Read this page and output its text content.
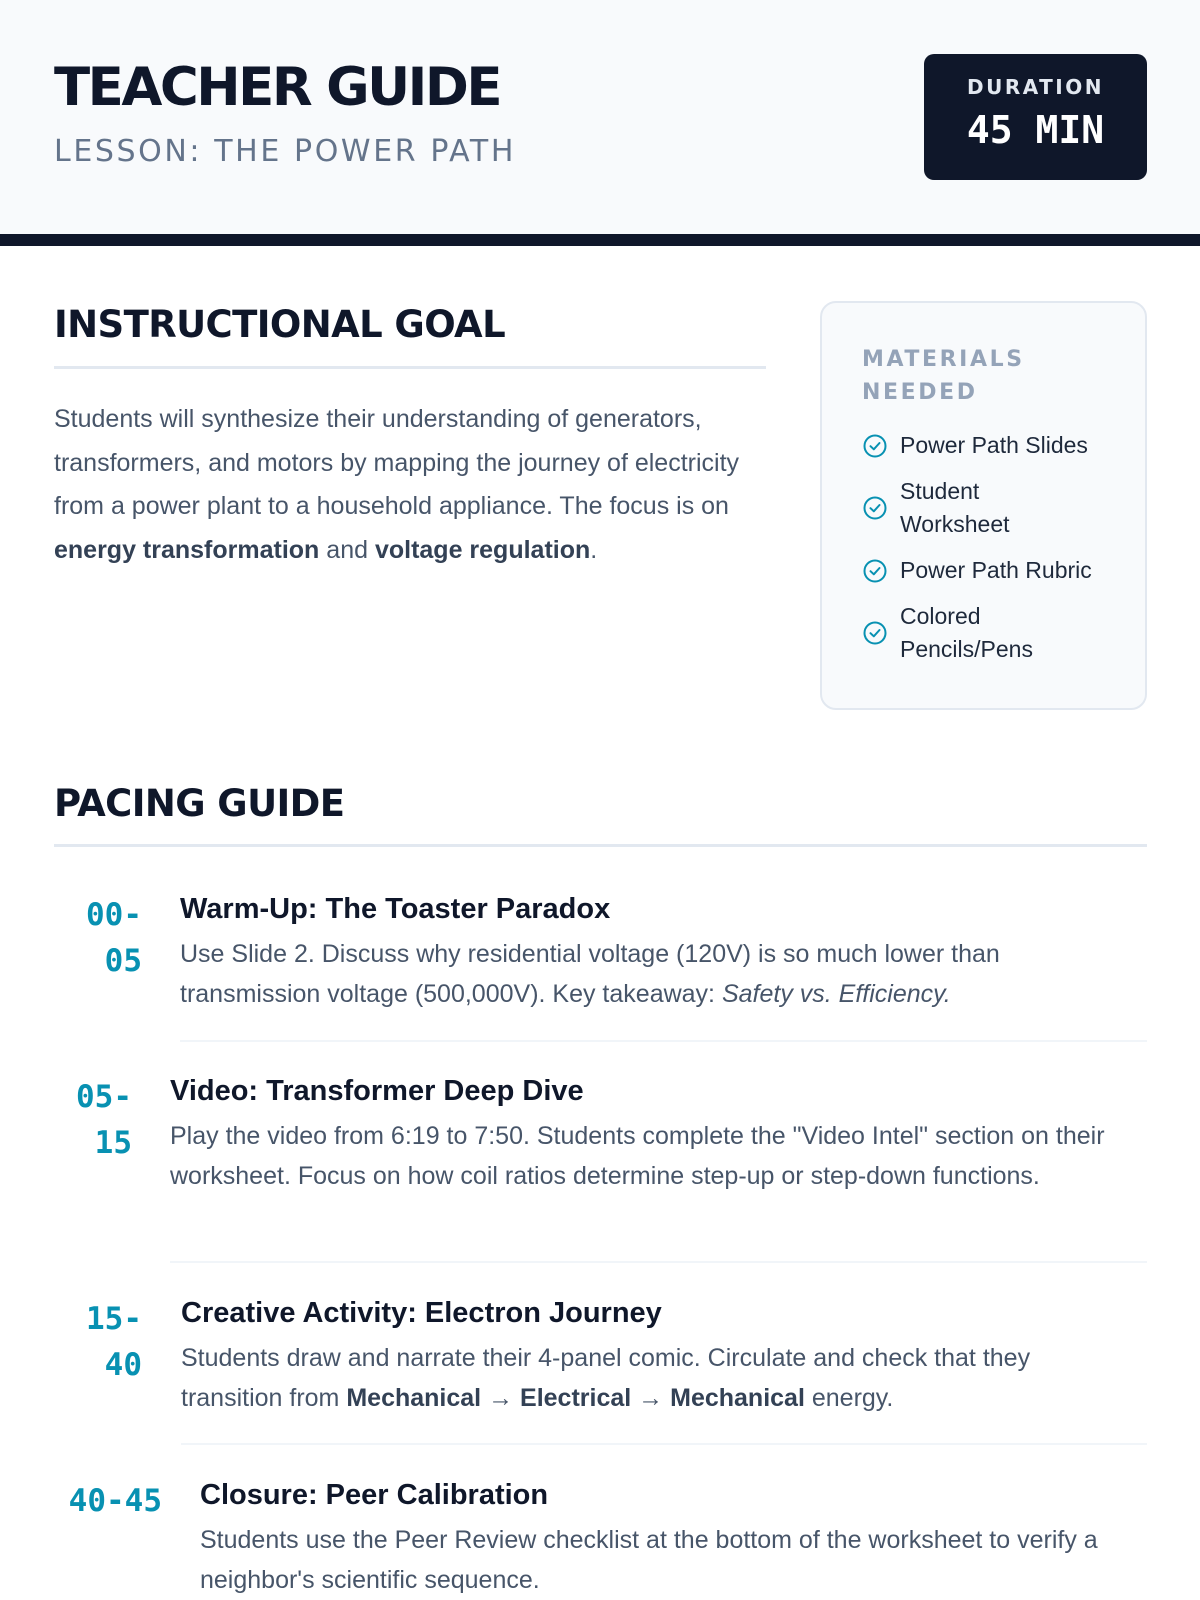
TEACHER GUIDE
LESSON: THE POWER PATH
DURATION
45 MIN
INSTRUCTIONAL GOAL

Students will synthesize their understanding of generators, transformers, and motors by mapping the journey of electricity from a power plant to a household appliance. The focus is on energy transformation and voltage regulation.

MATERIALS NEEDED
Power Path Slides
Student Worksheet
Power Path Rubric
Colored Pencils/Pens
PACING GUIDE
00-05
Warm-Up: The Toaster Paradox

Use Slide 2. Discuss why residential voltage (120V) is so much lower than transmission voltage (500,000V). Key takeaway: Safety vs. Efficiency.

05-15
Video: Transformer Deep Dive

Play the video from 6:19 to 7:50. Students complete the "Video Intel" section on their worksheet. Focus on how coil ratios determine step-up or step-down functions.

15-40
Creative Activity: Electron Journey

Students draw and narrate their 4-panel comic. Circulate and check that they transition from Mechanical → Electrical → Mechanical energy.

40-45 Closure: Peer Calibration

Students use the Peer Review checklist at the bottom of the worksheet to verify a neighbor's scientific sequence.
